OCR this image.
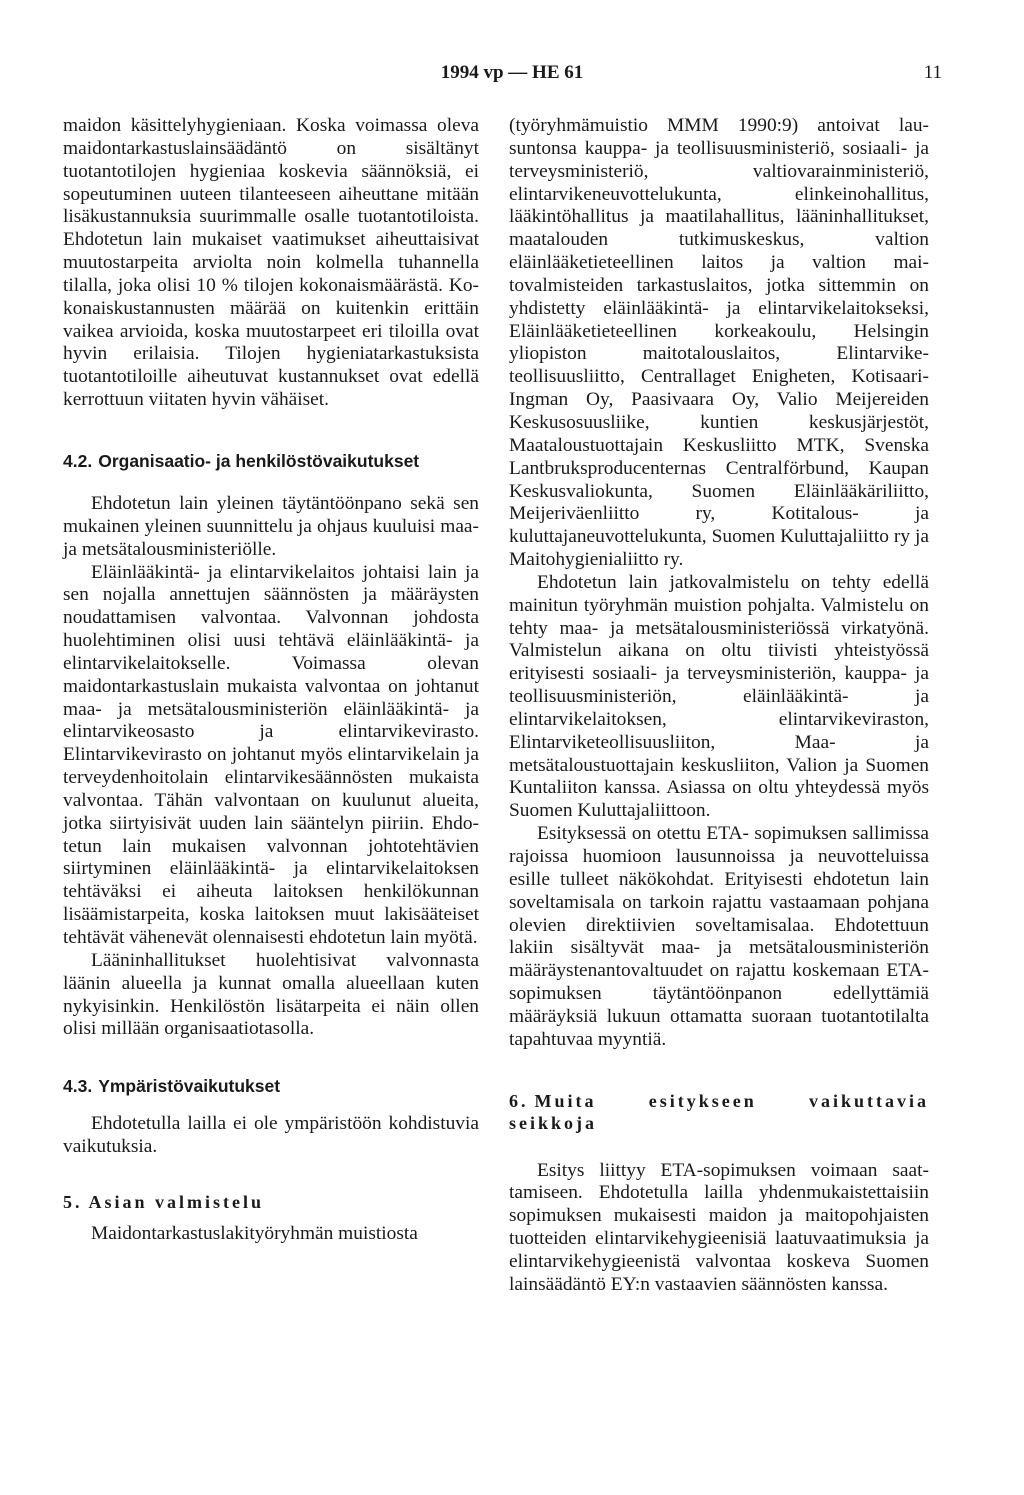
1994 vp — HE 61	11

maidon käsittelyhygieniaan. Koska voimassa oleva maidontarkastuslainsäädäntö on sisältänyt tuotantotilojen hygieniaa koskevia säännöksiä, ei sopeutuminen uuteen tilanteeseen aiheuttane mitään lisäkustannuksia suurimmalle osalle tuotantotiloista. Ehdotetun lain mukaiset vaatimukset aiheuttaisivat muutostarpeita arviolta noin kolmella tuhannella tilalla, joka olisi 10 % tilojen kokonaismäärästä. Kokonaiskustannusten määrää on kuitenkin erittäin vaikea arvioida, koska muutostarpeet eri tiloilla ovat hyvin erilaisia. Tilojen hygieniatarkastuksista tuotantotiloille aiheutuvat kustannukset ovat edellä kerrottuun viitaten hyvin vähäiset.

4.2. Organisaatio- ja henkilöstövaikutukset

Ehdotetun lain yleinen täytäntöönpano sekä sen mukainen yleinen suunnittelu ja ohjaus kuuluisi maa- ja metsätalousministeriölle.

Eläinlääkintä- ja elintarvikelaitos johtaisi lain ja sen nojalla annettujen säännösten ja määräysten noudattamisen valvontaa. Valvonnan johdosta huolehtiminen olisi uusi tehtävä eläinlääkintä- ja elintarvikelaitokselle. Voimassa olevan maidontarkastuslain mukaista valvontaa on johtanut maa- ja metsätalousministeriön eläinlääkintä- ja elintarvikeosasto ja elintarvikevirasto. Elintarvikevirasto on johtanut myös elintarvikelain ja terveydenhoitolain elintarvikesäännösten mukaista valvontaa. Tähän valvontaan on kuulunut alueita, jotka siirtyisivät uuden lain sääntelyn piiriin. Ehdotetun lain mukaisen valvonnan johtotehtävien siirtyminen eläinlääkintä- ja elintarvikelaitoksen tehtäväksi ei aiheuta laitoksen henkilökunnan lisäämistarpeita, koska laitoksen muut lakisääteiset tehtävät vähenevät olennaisesti ehdotetun lain myötä.

Lääninhallitukset huolehtisivat valvonnasta läänin alueella ja kunnat omalla alueellaan kuten nykyisinkin. Henkilöstön lisätarpeita ei näin ollen olisi millään organisaatiotasolla.

4.3. Ympäristövaikutukset

Ehdotetulla lailla ei ole ympäristöön kohdistuvia vaikutuksia.

5. Asian valmistelu

Maidontarkastuslakityöryhmän muistiosta

(työryhmämuistio MMM 1990:9) antoivat lausuntonsa kauppa- ja teollisuusministeriö, sosiaali- ja terveysministeriö, valtiovarainministeriö, elintarvikeneuvottelukunta, elinkeinohallitus, lääkintöhallitus ja maatilahallitus, lääninhallitukset, maatalouden tutkimuskeskus, valtion eläinlääketieteellinen laitos ja valtion maitovalmisteiden tarkastuslaitos, jotka sittemmin on yhdistetty eläinlääkintä- ja elintarvikelaitokseksi, Eläinlääketieteellinen korkeakoulu, Helsingin yliopiston maitotalouslaitos, Elintarviketeollisuusliitto, Centrallaget Enigheten, Kotisaari-Ingman Oy, Paasivaara Oy, Valio Meijereiden Keskusosuusliike, kuntien keskusjärjestöt, Maataloustuottajain Keskusliitto MTK, Svenska Lantbruksproducenternas Centralförbund, Kaupan Keskusvaliokunta, Suomen Eläinlääkäriliitto, Meijeriväenliitto ry, Kotitalous- ja kuluttajaneuvottelukunta, Suomen Kuluttajaliitto ry ja Maitohygienialiitto ry.

Ehdotetun lain jatkovalmistelu on tehty edellä mainitun työryhmän muistion pohjalta. Valmistelu on tehty maa- ja metsätalousministeriössä virkatyönä. Valmistelun aikana on oltu tiivisti yhteistyössä erityisesti sosiaali- ja terveysministeriön, kauppa- ja teollisuusministeriön, eläinlääkintä- ja elintarvikelaitoksen, elintarvikeviraston, Elintarviketeollisuusliiton, Maa- ja metsätaloustuottajain keskusliiton, Valion ja Suomen Kuntaliiton kanssa. Asiassa on oltu yhteydessä myös Suomen Kuluttajaliittoon.

Esityksessä on otettu ETA- sopimuksen sallimissa rajoissa huomioon lausunnoissa ja neuvotteluissa esille tulleet näkökohdat. Erityisesti ehdotetun lain soveltamisala on tarkoin rajattu vastaamaan pohjana olevien direktiivien soveltamisalaa. Ehdotettuun lakiin sisältyvät maa- ja metsätalousministeriön määräystenantovaltuudet on rajattu koskemaan ETA-sopimuksen täytäntöönpanon edellyttämiä määräyksiä lukuun ottamatta suoraan tuotantotilalta tapahtuvaa myyntiä.

6. Muita esitykseen vaikuttavia seikkoja

Esitys liittyy ETA-sopimuksen voimaan saattamiseen. Ehdotetulla lailla yhdenmukaistettaisiin sopimuksen mukaisesti maidon ja maitopohjaisten tuotteiden elintarvikehygieenisiä laatuvaatimuksia ja elintarvikehygieenistä valvontaa koskeva Suomen lainsäädäntö EY:n vastaavien säännösten kanssa.
